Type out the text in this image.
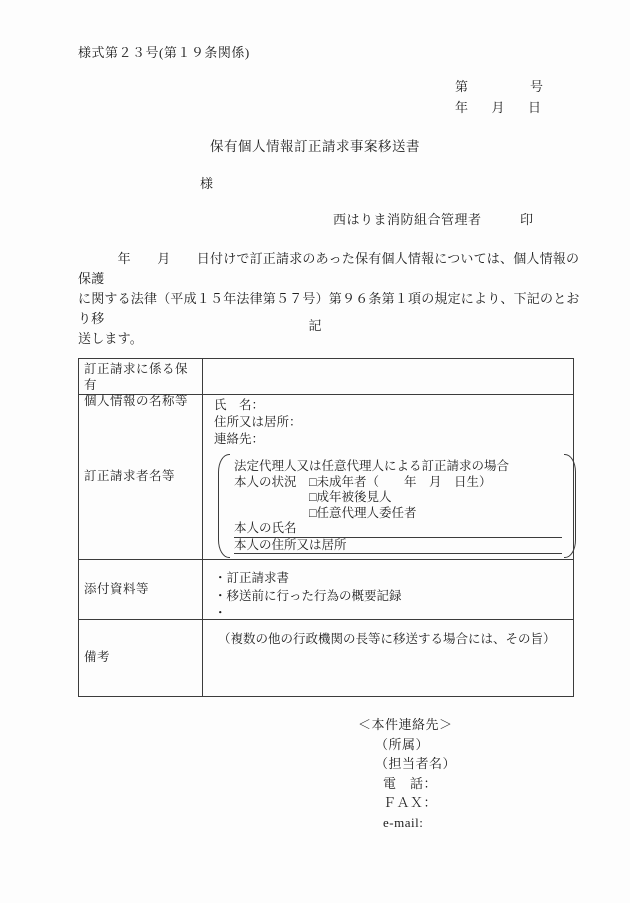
様式第２３号(第１９条関係)
第	号
年 月 日
保有個人情報訂正請求事案移送書
様
西はりま消防組合管理者	印
　　　年　　月　　日付けで訂正請求のあった保有個人情報については、個人情報の保護
に関する法律（平成１５年法律第５７号）第９６条第１項の規定により、下記のとおり移
送します。
記
訂正請求に係る保有
個人情報の名称等
訂正請求者名等
氏　名：
住所又は居所：
連絡先：
法定代理人又は任意代理人による訂正請求の場合
本人の状況　□未成年者（　　年　月　日生）
　　　　　　□成年被後見人
　　　　　　□任意代理人委任者
本人の氏名
本人の住所又は居所
添付資料等
・訂正請求書
・移送前に行った行為の概要記録
・
備考
（複数の他の行政機関の長等に移送する場合には、その旨）
＜本件連絡先＞
（所属）
（担当者名）
電　話：
ＦＡＸ：
e-mail:
